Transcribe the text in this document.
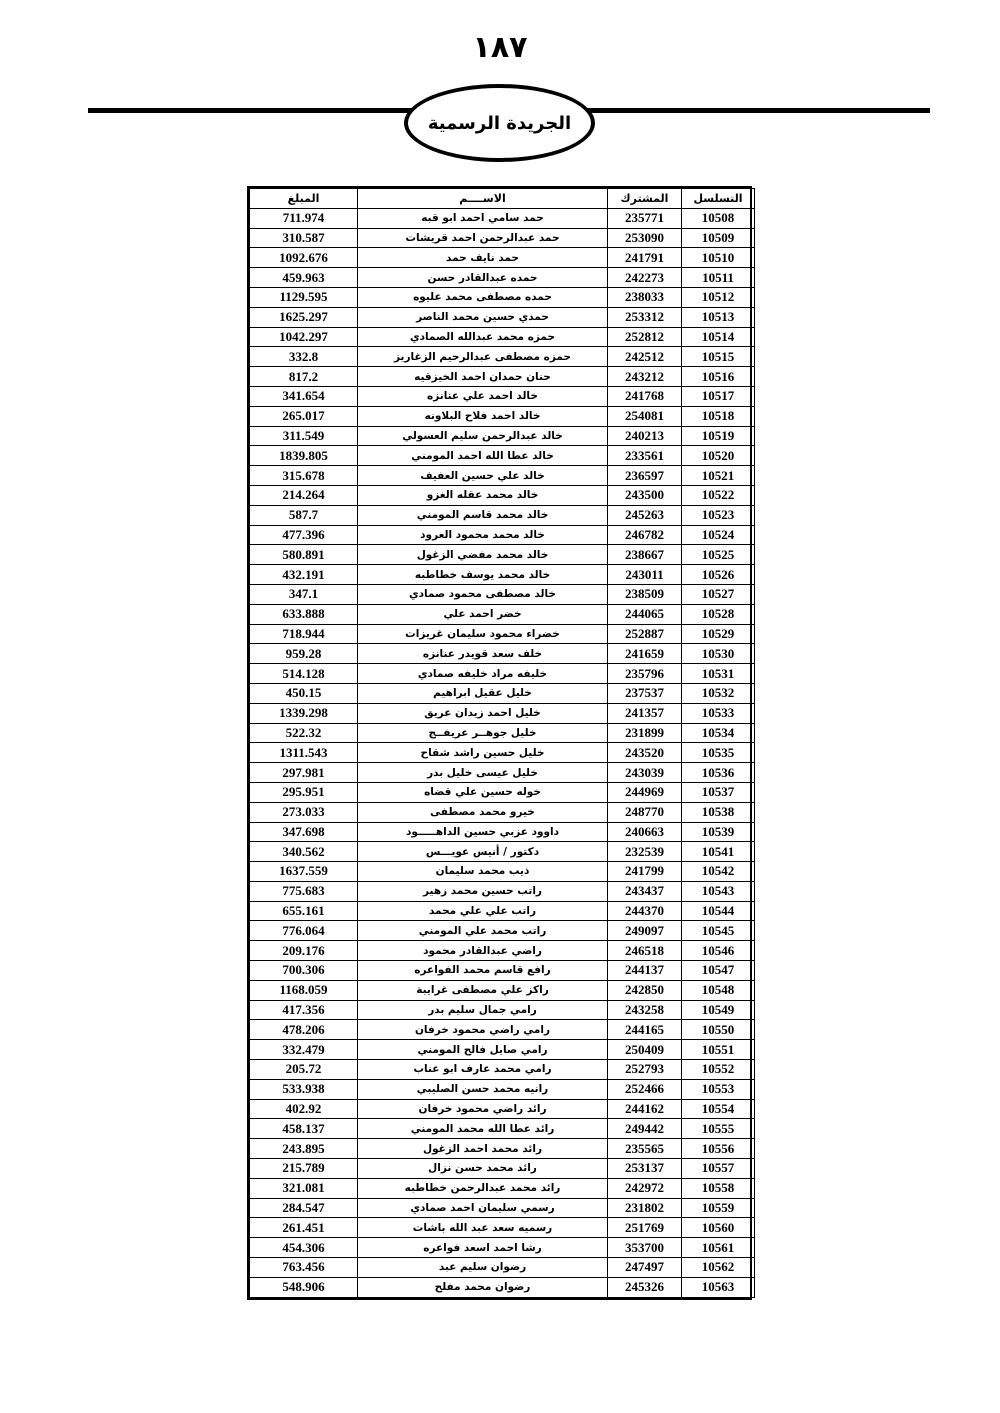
١٨٧
الجريدة الرسمية
المبلغ	الاســــم	المشترك	التسلسل
711.974	حمد سامي احمد ابو قبه	235771	10508
310.587	حمد عبدالرحمن احمد قريشات	253090	10509
1092.676	حمد نايف حمد	241791	10510
459.963	حمده عبدالقادر حسن	242273	10511
1129.595	حمده مصطفى محمد عليوه	238033	10512
1625.297	حمدي حسين محمد الناصر	253312	10513
1042.297	حمزه محمد عبدالله الصمادي	252812	10514
332.8	حمزه مصطفى عبدالرحيم الزغاريز	242512	10515
817.2	حنان حمدان احمد الخيزقيه	243212	10516
341.654	خالد احمد علي عنانزه	241768	10517
265.017	خالد احمد فلاح البلاونه	254081	10518
311.549	خالد عبدالرحمن سليم العسولي	240213	10519
1839.805	خالد عطا الله احمد المومني	233561	10520
315.678	خالد علي حسين العفيف	236597	10521
214.264	خالد محمد عقله الغزو	243500	10522
587.7	خالد محمد قاسم المومني	245263	10523
477.396	خالد محمد محمود العرود	246782	10524
580.891	خالد محمد مفضي الزغول	238667	10525
432.191	خالد محمد يوسف خطاطبه	243011	10526
347.1	خالد مصطفى محمود صمادي	238509	10527
633.888	خضر احمد علي	244065	10528
718.944	خضراء محمود سليمان غريزات	252887	10529
959.28	خلف سعد قويدر عنانزه	241659	10530
514.128	خليفه مراد خليفه صمادي	235796	10531
450.15	خليل عقيل ابراهيم	237537	10532
1339.298	خليل احمد زيدان عريق	241357	10533
522.32	خليل جوهــر عريفــج	231899	10534
1311.543	خليل حسين راشد شقاح	243520	10535
297.981	خليل عيسى خليل بدر	243039	10536
295.951	خوله حسين علي قضاه	244969	10537
273.033	خيرو محمد مصطفى	248770	10538
347.698	داوود عزبي حسين الداهـــــود	240663	10539
340.562	دكتور / أنيس عويـــس	232539	10541
1637.559	ذيب محمد سليمان	241799	10542
775.683	راتب حسين محمد زهير	243437	10543
655.161	راتب علي علي محمد	244370	10544
776.064	راتب محمد علي المومني	249097	10545
209.176	راضي عبدالقادر محمود	246518	10546
700.306	رافع قاسم محمد الفواعره	244137	10547
1168.059	راكز علي مصطفى غرايبة	242850	10548
417.356	رامي جمال سليم بدر	243258	10549
478.206	رامي راضي محمود خرفان	244165	10550
332.479	رامي صايل فالح المومني	250409	10551
205.72	رامي محمد عارف ابو عناب	252793	10552
533.938	رانيه محمد حسن الصليبي	252466	10553
402.92	رائد راضي محمود خرفان	244162	10554
458.137	رائد عطا الله محمد المومني	249442	10555
243.895	رائد محمد احمد الزغول	235565	10556
215.789	رائد محمد حسن نزال	253137	10557
321.081	رائد محمد عبدالرحمن خطاطبه	242972	10558
284.547	رسمي سليمان احمد صمادي	231802	10559
261.451	رسميه سعد عبد الله باشات	251769	10560
454.306	رشا احمد اسعد فواعره	353700	10561
763.456	رضوان سليم عبد	247497	10562
548.906	رضوان محمد مفلح	245326	10563
